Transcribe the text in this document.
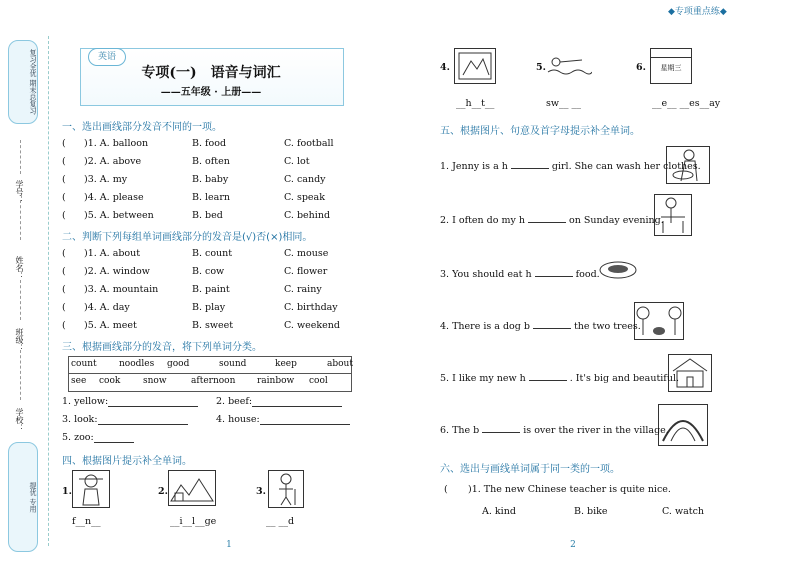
复习全优 期末总复习
学号：
姓名：
班级：
学校：
提优 专用
英语
专项(一)　语音与词汇
——五年级 · 上册——
一、选出画线部分发音不同的一项。
二、判断下列每组单词画线部分的发音是(√)否(×)相同。
三、根据画线部分的发音，将下列单词分类。
count noodles good	sound	keep	about
see cook	snow	afternoon rainbow cool
四、根据图片提示补全单词。
1
( )1. A. balloon	B. food	C. football
( )2. A. above	B. often	C. lot
( )3. A. my	B. baby	C. candy
( )4. A. please	B. learn	C. speak
( )5. A. between	B. bed	C. behind
( )1. A. about	B. count	C. mouse
( )2. A. window	B. cow	C. flower
( )3. A. mountain	B. paint	C. rainy
( )4. A. day	B. play	C. birthday
( )5. A. meet	B. sweet	C. weekend
1. yellow:	2. beef:
3. look:	4. house:
5. zoo:
1.
f__n__
2.
__i__l__ge
3.
__ __d
◆专项重点练◆
4.
__h__t__
5.
sw__ __
6.	星期三
__e__ __es__ay
五、根据图片、句意及首字母提示补全单词。
六、选出与画线单词属于同一类的一项。
( )1. The new Chinese teacher is quite nice.
A. kind	B. bike	C. watch
2
1. Jenny is a h	girl. She can wash her clothes.
2. I often do my h	on Sunday evening.
3. You should eat h	food.
4. There is a dog b	the two trees.
5. I like my new h	. It's big and beautiful.
6. The b	is over the river in the village.
